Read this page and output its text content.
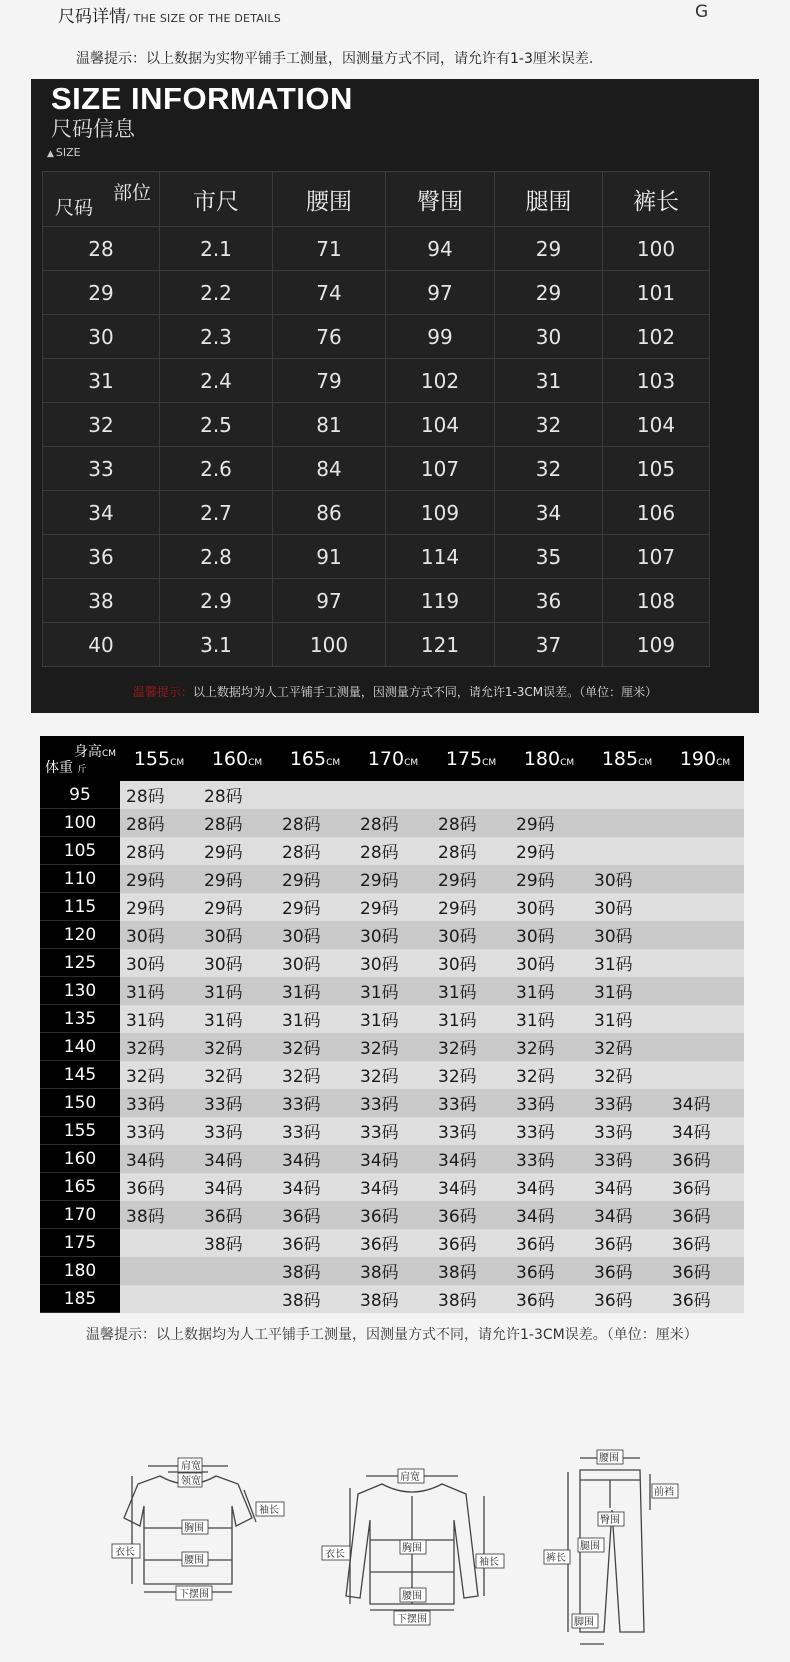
尺码详情/ THE SIZE OF THE DETAILS	G
温馨提示：以上数据为实物平铺手工测量，因测量方式不同，请允许有1-3厘米误差.
SIZE INFORMATION
尺码信息
▲ SIZE
部位
尺码	市尺	腰围	臀围	腿围	裤长
28	2.1	71	94	29	100
29	2.2	74	97	29	101
30	2.3	76	99	30	102
31	2.4	79	102	31	103
32	2.5	81	104	32	104
33	2.6	84	107	32	105
34	2.7	86	109	34	106
36	2.8	91	114	35	107
38	2.9	97	119	36	108
40	3.1	100	121	37	109
温馨提示：以上数据均为人工平铺手工测量，因测量方式不同，请允许1-3CM误差。（单位：厘米）
身高CM
体重 斤	155CM	160CM	165CM	170CM	175CM	180CM	185CM	190CM
95	28码	28码						
100	28码	28码	28码	28码	28码	29码		
105	28码	29码	28码	28码	28码	29码		
110	29码	29码	29码	29码	29码	29码	30码	
115	29码	29码	29码	29码	29码	30码	30码	
120	30码	30码	30码	30码	30码	30码	30码	
125	30码	30码	30码	30码	30码	30码	31码	
130	31码	31码	31码	31码	31码	31码	31码	
135	31码	31码	31码	31码	31码	31码	31码	
140	32码	32码	32码	32码	32码	32码	32码	
145	32码	32码	32码	32码	32码	32码	32码	
150	33码	33码	33码	33码	33码	33码	33码	34码
155	33码	33码	33码	33码	33码	33码	33码	34码
160	34码	34码	34码	34码	34码	33码	33码	36码
165	36码	34码	34码	34码	34码	34码	34码	36码
170	38码	36码	36码	36码	36码	34码	34码	36码
175		38码	36码	36码	36码	36码	36码	36码
180			38码	38码	38码	36码	36码	36码
185			38码	38码	38码	36码	36码	36码
温馨提示：以上数据均为人工平铺手工测量，因测量方式不同，请允许1-3CM误差。（单位：厘米）
肩宽
领宽
袖长
衣长
胸围
腰围
下摆围
肩宽
衣长
胸围
袖长
腰围
下摆围
腰围
前裆
臀围
腿围
裤长
脚围
